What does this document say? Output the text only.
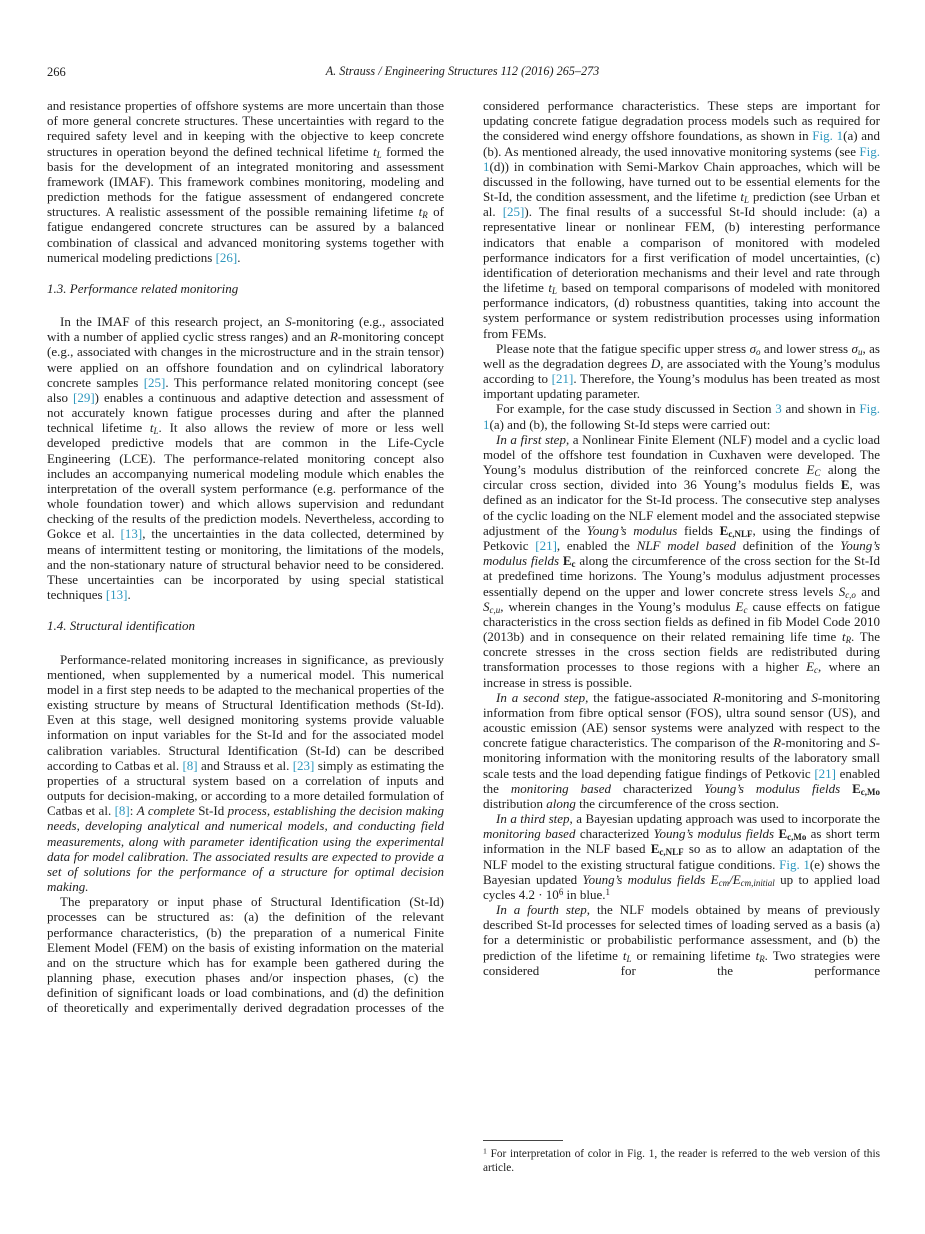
266	A. Strauss / Engineering Structures 112 (2016) 265–273

and resistance properties of offshore systems are more uncertain than those of more general concrete structures. These uncertainties with regard to the required safety level and in keeping with the objective to keep concrete structures in operation beyond the defined technical lifetime $t_L$ formed the basis for the development of an integrated monitoring and assessment framework (IMAF). This framework combines monitoring, modeling and prediction methods for the fatigue assessment of endangered concrete structures. A realistic assessment of the possible remaining lifetime $t_R$ of fatigue endangered concrete structures can be assured by a balanced combination of classical and advanced monitoring systems together with numerical modeling predictions [26].

1.3. Performance related monitoring

In the IMAF of this research project, an S-monitoring (e.g., associated with a number of applied cyclic stress ranges) and an R-monitoring concept (e.g., associated with changes in the microstructure and in the strain tensor) were applied on an offshore foundation and on cylindrical laboratory concrete samples [25]. This performance related monitoring concept (see also [29]) enables a continuous and adaptive detection and assessment of not accurately known fatigue processes during and after the planned technical lifetime $t_L$. It also allows the review of more or less well developed predictive models that are common in the Life-Cycle Engineering (LCE). The performance-related monitoring concept also includes an accompanying numerical modeling module which enables the interpretation of the overall system performance (e.g. performance of the whole foundation tower) and which allows supervision and redundant checking of the results of the prediction models. Nevertheless, according to Gokce et al. [13], the uncertainties in the data collected, determined by means of intermittent testing or monitoring, the limitations of the models, and the non-stationary nature of structural behavior need to be considered. These uncertainties can be incorporated by using special statistical techniques [13].

1.4. Structural identification

Performance-related monitoring increases in significance, as previously mentioned, when supplemented by a numerical model. This numerical model in a first step needs to be adapted to the mechanical properties of the existing structure by means of Structural Identification methods (St-Id). Even at this stage, well designed monitoring systems provide valuable information on input variables for the St-Id and for the associated model calibration variables. Structural Identification (St-Id) can be described according to Catbas et al. [8] and Strauss et al. [23] simply as estimating the properties of a structural system based on a correlation of inputs and outputs for decision-making, or according to a more detailed formulation of Catbas et al. [8]: A complete St-Id process, establishing the decision making needs, developing analytical and numerical models, and conducting field measurements, along with parameter identification using the experimental data for model calibration. The associated results are expected to provide a set of solutions for the performance of a structure for optimal decision making.

The preparatory or input phase of Structural Identification (St-Id) processes can be structured as: (a) the definition of the relevant performance characteristics, (b) the preparation of a numerical Finite Element Model (FEM) on the basis of existing information on the material and on the structure which has for example been gathered during the planning phase, execution phases and/or inspection phases, (c) the definition of significant loads or load combinations, and (d) the definition of theoretically and experimentally derived degradation processes of the

considered performance characteristics. These steps are important for updating concrete fatigue degradation process models such as required for the considered wind energy offshore foundations, as shown in Fig. 1(a) and (b). As mentioned already, the used innovative monitoring systems (see Fig. 1(d)) in combination with Semi-Markov Chain approaches, which will be discussed in the following, have turned out to be essential elements for the St-Id, the condition assessment, and the lifetime $t_L$ prediction (see Urban et al. [25]). The final results of a successful St-Id should include: (a) a representative linear or nonlinear FEM, (b) interesting performance indicators that enable a comparison of monitored with modeled performance indicators for a first verification of model uncertainties, (c) identification of deterioration mechanisms and their level and rate through the lifetime $t_L$ based on temporal comparisons of modeled with monitored performance indicators, (d) robustness quantities, taking into account the system performance or system redistribution processes using information from FEMs.

Please note that the fatigue specific upper stress $\sigma_o$ and lower stress $\sigma_u$, as well as the degradation degrees D, are associated with the Young’s modulus according to [21]. Therefore, the Young’s modulus has been treated as most important updating parameter.

For example, for the case study discussed in Section 3 and shown in Fig. 1(a) and (b), the following St-Id steps were carried out:

In a first step, a Nonlinear Finite Element (NLF) model and a cyclic load model of the offshore test foundation in Cuxhaven were developed. The Young’s modulus distribution of the reinforced concrete $E_C$ along the circular cross section, divided into 36 Young’s modulus fields E, was defined as an indicator for the St-Id process. The consecutive step analyses of the cyclic loading on the NLF element model and the associated stepwise adjustment of the Young’s modulus fields $E_{c,NLF}$, using the findings of Petkovic [21], enabled the NLF model based definition of the Young’s modulus fields $E_c$ along the circumference of the cross section for the St-Id at predefined time horizons. The Young’s modulus adjustment processes essentially depend on the upper and lower concrete stress levels $S_{c,o}$ and $S_{c,u}$, wherein changes in the Young’s modulus $E_c$ cause effects on fatigue characteristics in the cross section fields as defined in fib Model Code 2010 (2013b) and in consequence on their related remaining life time $t_R$. The concrete stresses in the cross section fields are redistributed during transformation processes to those regions with a higher $E_c$, where an increase in stress is possible.

In a second step, the fatigue-associated R-monitoring and S-monitoring information from fibre optical sensor (FOS), ultra sound sensor (US), and acoustic emission (AE) sensor systems were analyzed with respect to the concrete fatigue characteristics. The comparison of the R-monitoring and S-monitoring information with the monitoring results of the laboratory small scale tests and the load depending fatigue findings of Petkovic [21] enabled the monitoring based characterized Young’s modulus fields $E_{c,Mo}$ distribution along the circumference of the cross section.

In a third step, a Bayesian updating approach was used to incorporate the monitoring based characterized Young’s modulus fields $E_{c,Mo}$ as short term information in the NLF based $E_{c,NLF}$ so as to allow an adaptation of the NLF model to the existing structural fatigue conditions. Fig. 1(e) shows the Bayesian updated Young’s modulus fields $E_{cm}/E_{cm,initial}$ up to applied load cycles $4.2 \cdot 10^6$ in blue.$^1$

In a fourth step, the NLF models obtained by means of previously described St-Id processes for selected times of loading served as a basis (a) for a deterministic or probabilistic performance assessment, and (b) the prediction of the lifetime $t_L$ or remaining lifetime $t_R$. Two strategies were considered for the performance

$^1$ For interpretation of color in Fig. 1, the reader is referred to the web version of this article.
